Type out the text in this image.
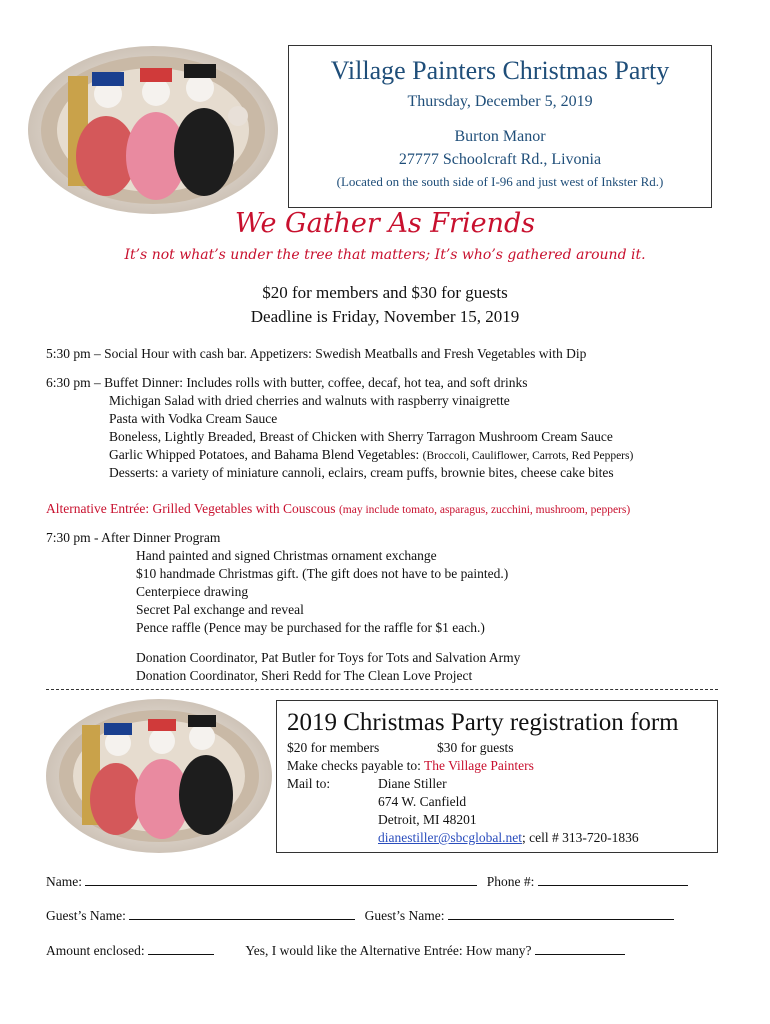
Village Painters Christmas Party
Thursday, December 5, 2019
Burton Manor
27777 Schoolcraft Rd., Livonia
(Located on the south side of I-96 and just west of Inkster Rd.)
We Gather As Friends
It’s not what’s under the tree that matters; It’s who’s gathered around it.
$20 for members and $30 for guests
Deadline is Friday, November 15, 2019
5:30 pm – Social Hour with cash bar. Appetizers: Swedish Meatballs and Fresh Vegetables with Dip
6:30 pm – Buffet Dinner: Includes rolls with butter, coffee, decaf, hot tea, and soft drinks
Michigan Salad with dried cherries and walnuts with raspberry vinaigrette
Pasta with Vodka Cream Sauce
Boneless, Lightly Breaded, Breast of Chicken with Sherry Tarragon Mushroom Cream Sauce
Garlic Whipped Potatoes, and Bahama Blend Vegetables: (Broccoli, Cauliflower, Carrots, Red Peppers)
Desserts: a variety of miniature cannoli, eclairs, cream puffs, brownie bites, cheese cake bites
Alternative Entrée: Grilled Vegetables with Couscous (may include tomato, asparagus, zucchini, mushroom, peppers)
7:30 pm - After Dinner Program
Hand painted and signed Christmas ornament exchange
$10 handmade Christmas gift. (The gift does not have to be painted.)
Centerpiece drawing
Secret Pal exchange and reveal
Pence raffle (Pence may be purchased for the raffle for $1 each.)
Donation Coordinator, Pat Butler for Toys for Tots and Salvation Army
Donation Coordinator, Sheri Redd for The Clean Love Project
2019 Christmas Party registration form
$20 for members	$30 for guests
Make checks payable to: The Village Painters
Mail to:	Diane Stiller
674 W. Canfield
Detroit, MI 48201
dianestiller@sbcglobal.net; cell # 313-720-1836
Name:	Phone #:
Guest’s Name:	Guest’s Name:
Amount enclosed:	Yes, I would like the Alternative Entrée: How many?
